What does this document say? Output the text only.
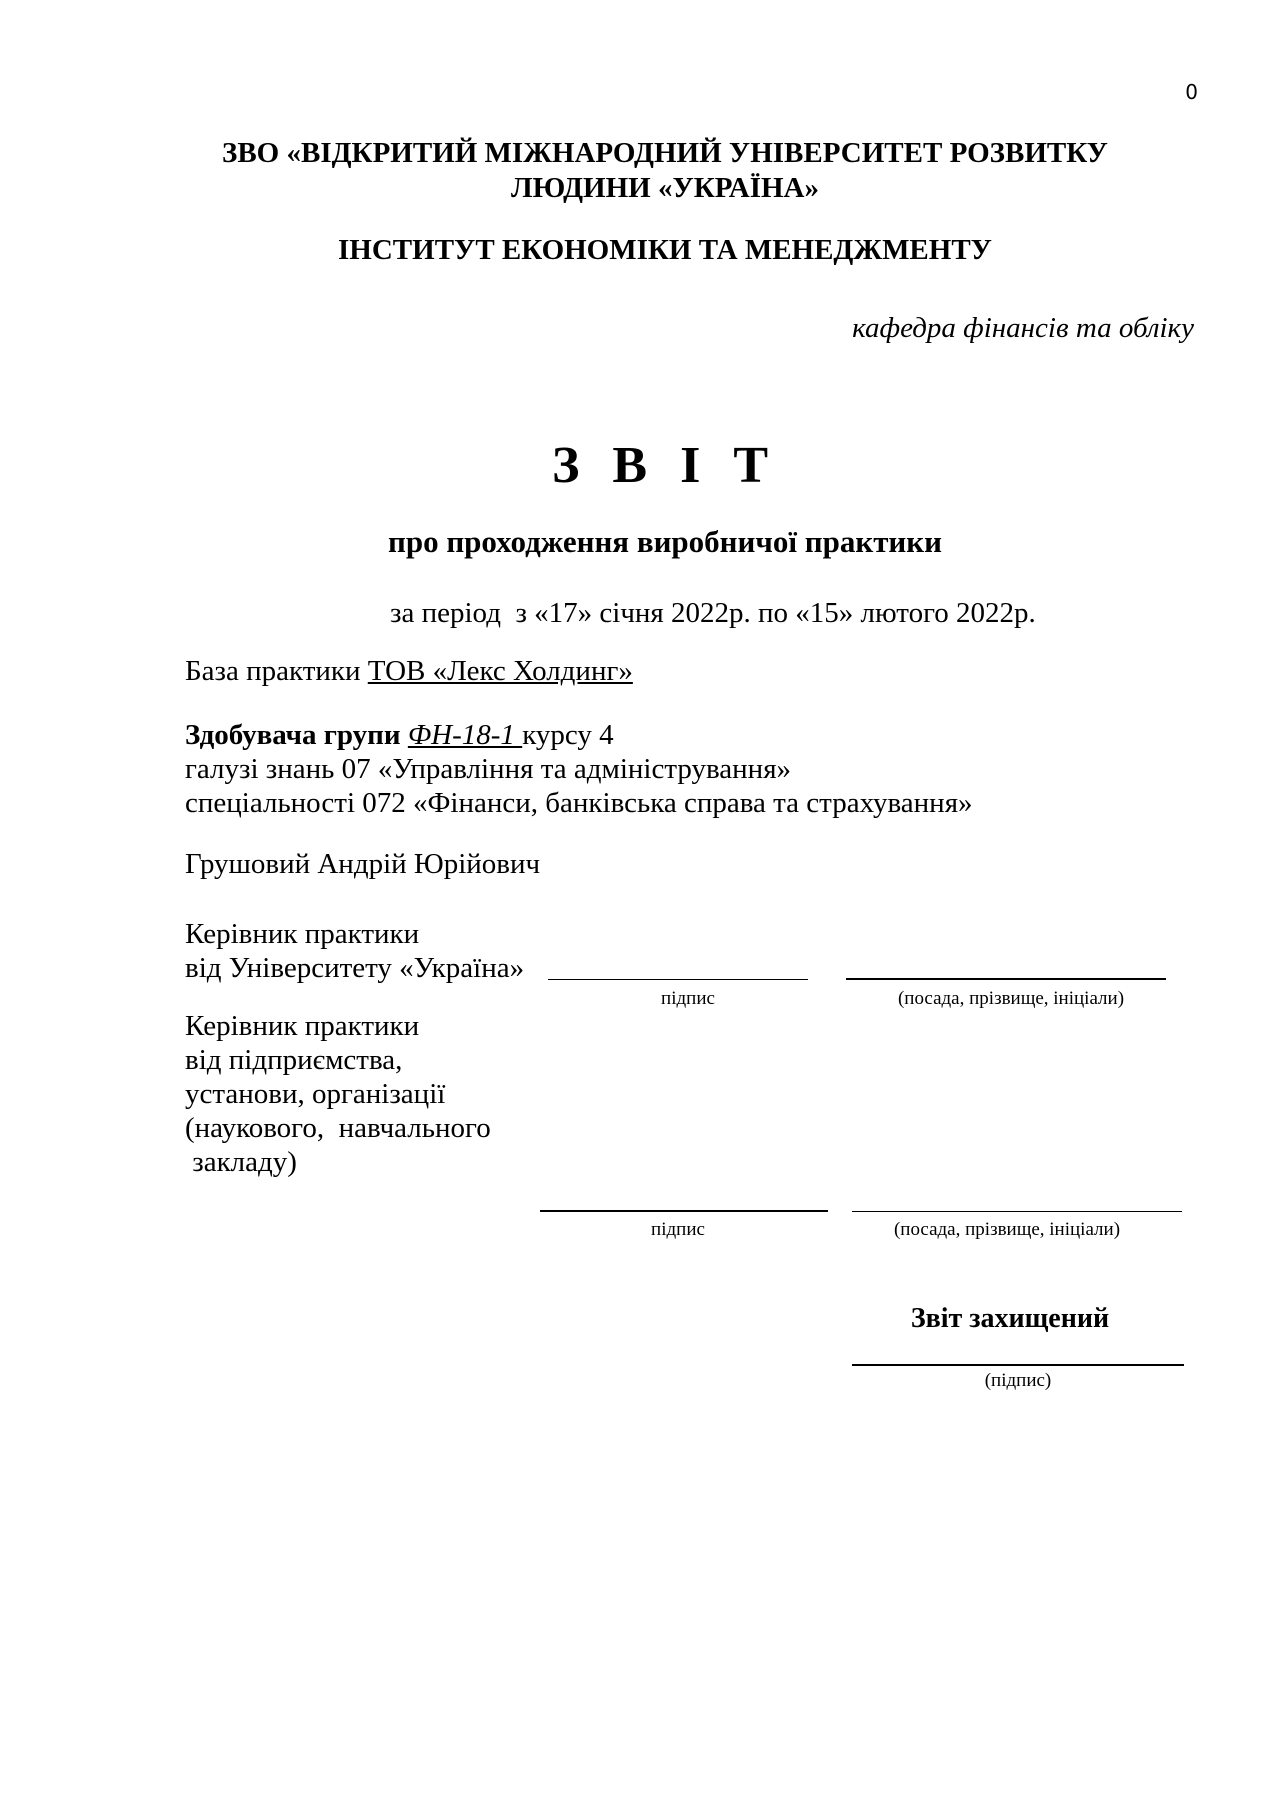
0
ЗВО «ВІДКРИТИЙ МІЖНАРОДНИЙ УНІВЕРСИТЕТ РОЗВИТКУ
ЛЮДИНИ «УКРАЇНА»
ІНСТИТУТ ЕКОНОМІКИ ТА МЕНЕДЖМЕНТУ
кафедра фінансів та обліку
З В І Т
про проходження виробничої практики
за період  з «17» січня 2022р. по «15» лютого 2022р.
База практики ТОВ «Лекс Холдинг»
Здобувача групи ФН-18-1 курсу 4
галузі знань 07 «Управління та адміністрування»
спеціальності 072 «Фінанси, банківська справа та страхування»
Грушовий Андрій Юрійович
Керівник практики
від Університету «Україна»
підпис	(посада, прізвище, ініціали)
Керівник практики
від підприємства,
установи, організації
(наукового,  навчального
закладу)
підпис	(посада, прізвище, ініціали)
Звіт захищений
(підпис)
